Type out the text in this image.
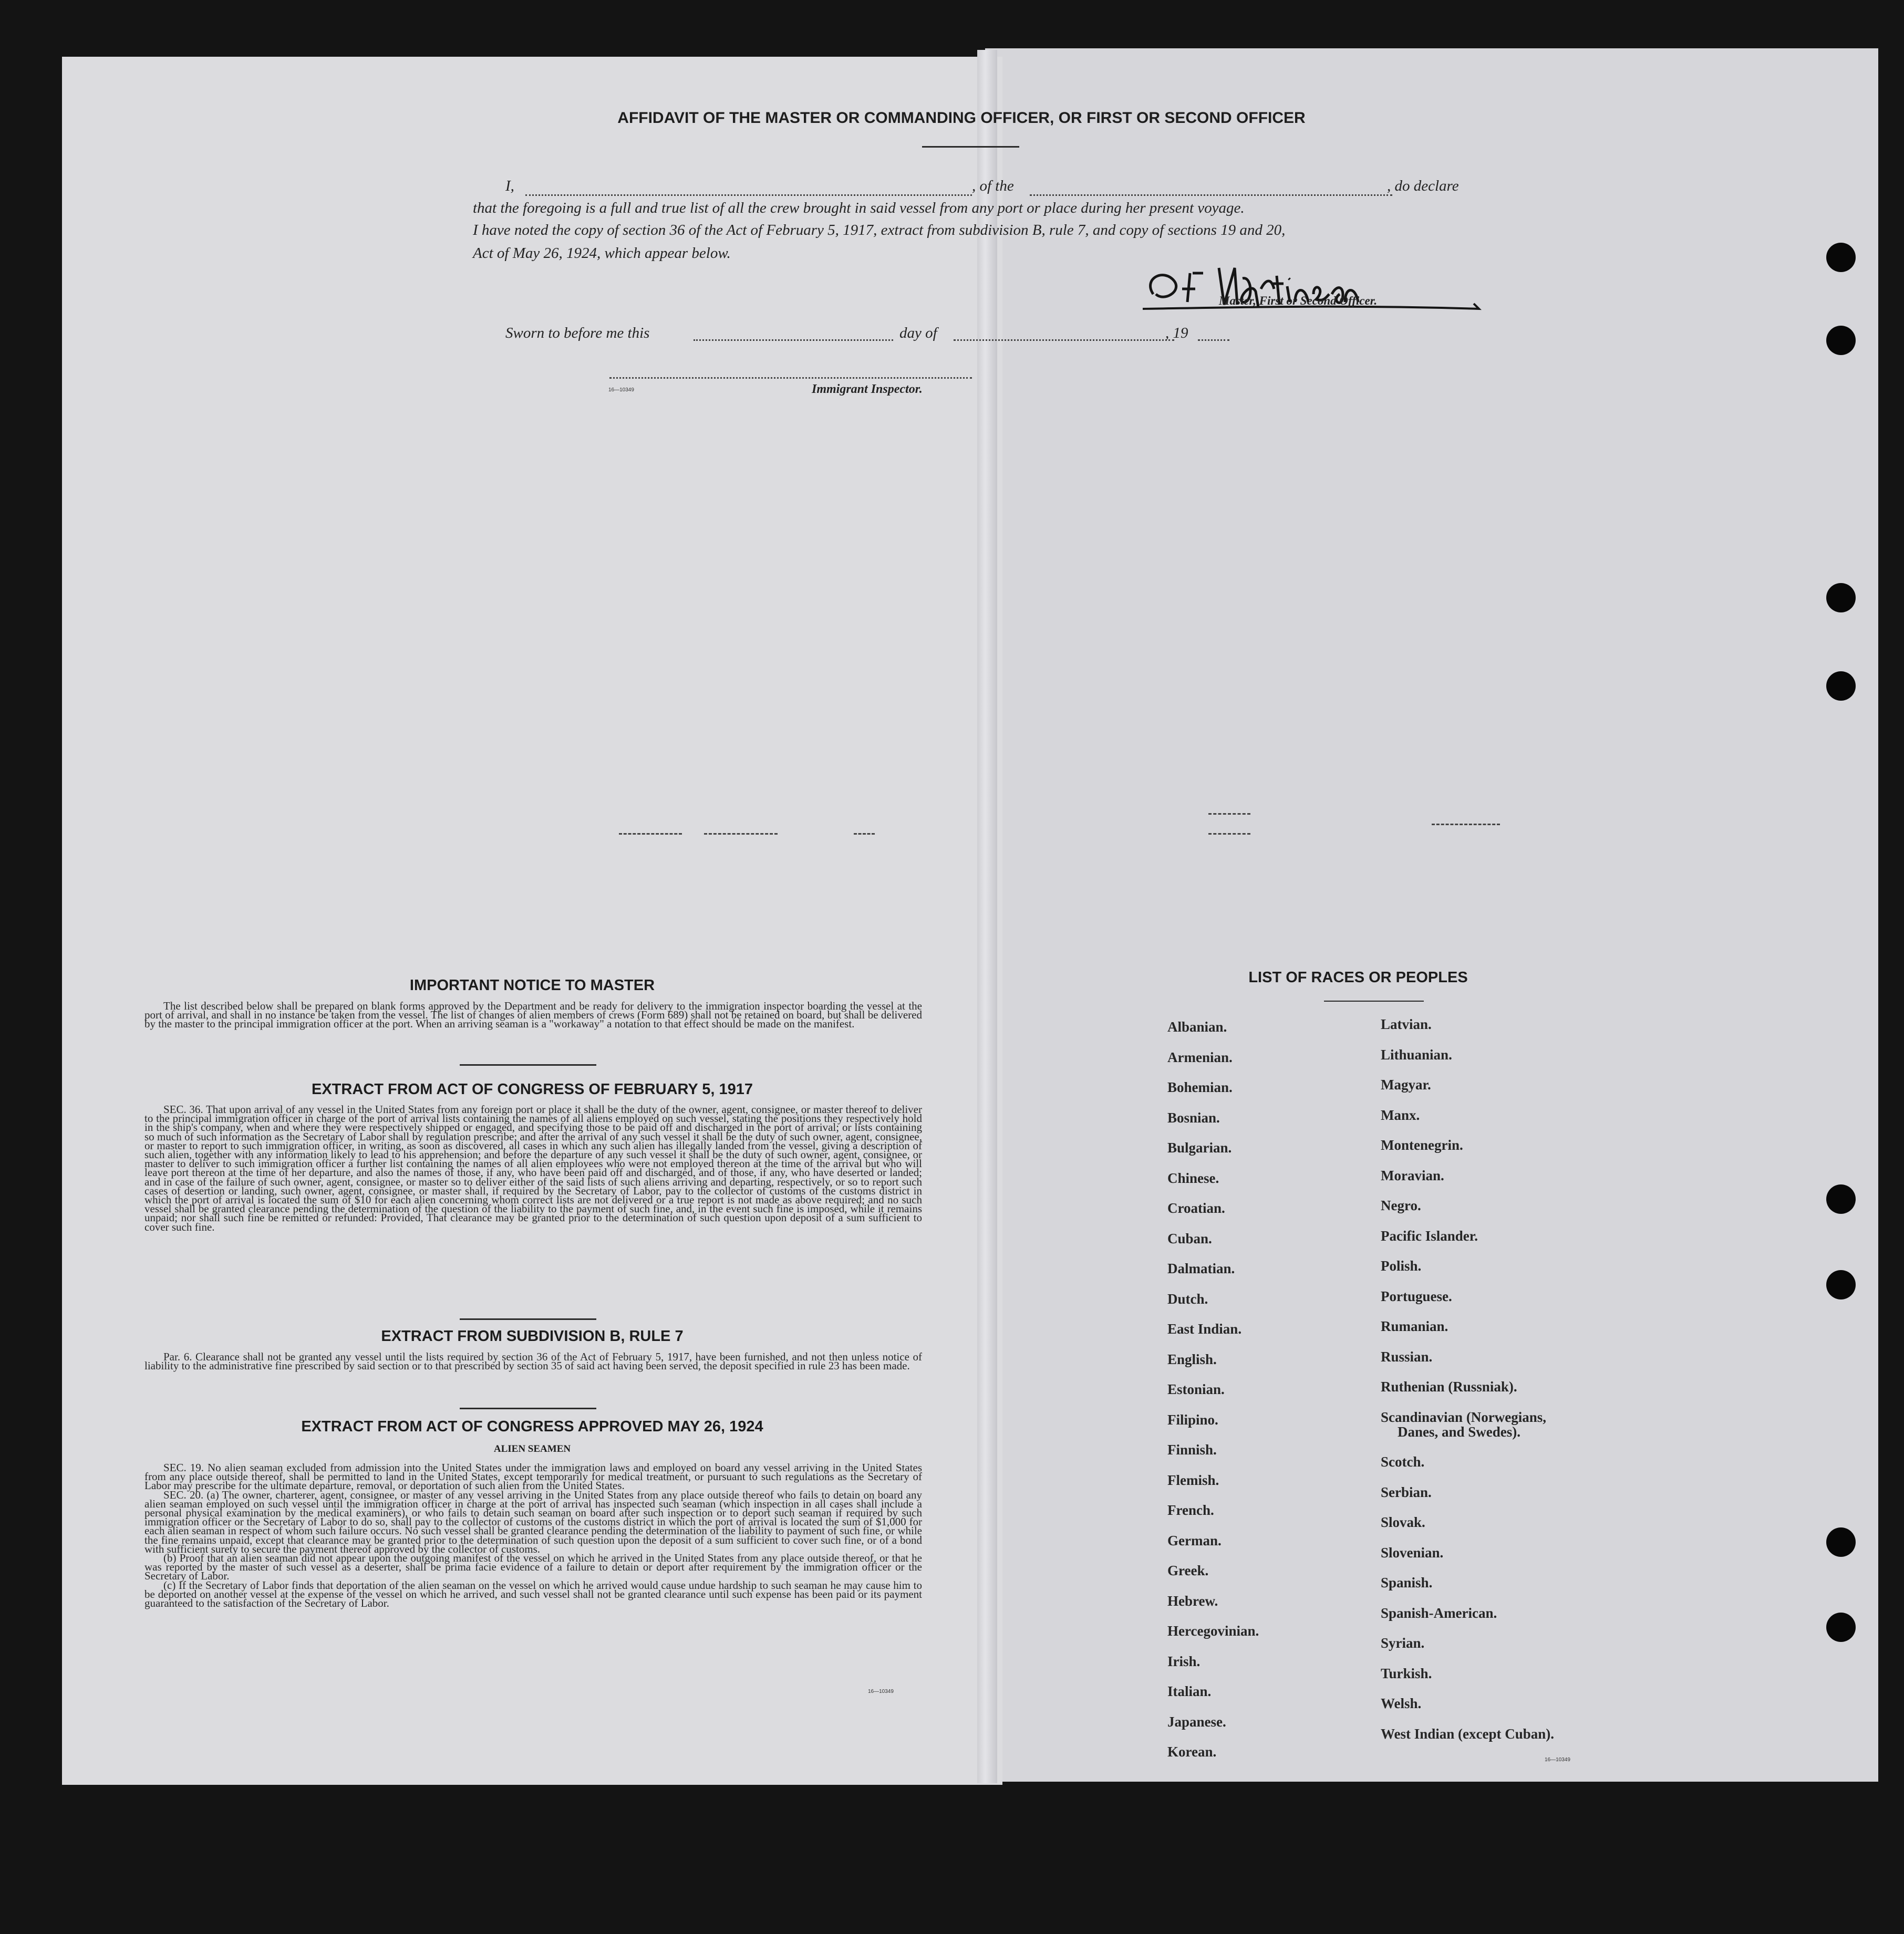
AFFIDAVIT OF THE MASTER OR COMMANDING OFFICER, OR FIRST OR SECOND OFFICER
I,	, of the	, do declare
that the foregoing is a full and true list of all the crew brought in said vessel from any port or place during her present voyage.
I have noted the copy of section 36 of the Act of February 5, 1917, extract from subdivision B, rule 7, and copy of sections 19 and 20,
Act of May 26, 1924, which appear below.
Master, First or Second Officer.
Sworn to before me this	day of	, 19
16—10349	Immigrant Inspector.
IMPORTANT NOTICE TO MASTER

The list described below shall be prepared on blank forms approved by the Department and be ready for delivery to the immigration inspector boarding the vessel at the port of arrival, and shall in no instance be taken from the vessel. The list of changes of alien members of crews (Form 689) shall not be retained on board, but shall be delivered by the master to the principal immigration officer at the port. When an arriving seaman is a "workaway" a notation to that effect should be made on the manifest.

EXTRACT FROM ACT OF CONGRESS OF FEBRUARY 5, 1917

SEC. 36. That upon arrival of any vessel in the United States from any foreign port or place it shall be the duty of the owner, agent, consignee, or master thereof to deliver to the principal immigration officer in charge of the port of arrival lists containing the names of all aliens employed on such vessel, stating the positions they respectively hold in the ship's company, when and where they were respectively shipped or engaged, and specifying those to be paid off and discharged in the port of arrival; or lists containing so much of such information as the Secretary of Labor shall by regulation prescribe; and after the arrival of any such vessel it shall be the duty of such owner, agent, consignee, or master to report to such immigration officer, in writing, as soon as discovered, all cases in which any such alien has illegally landed from the vessel, giving a description of such alien, together with any information likely to lead to his apprehension; and before the departure of any such vessel it shall be the duty of such owner, agent, consignee, or master to deliver to such immigration officer a further list containing the names of all alien employees who were not employed thereon at the time of the arrival but who will leave port thereon at the time of her departure, and also the names of those, if any, who have been paid off and discharged, and of those, if any, who have deserted or landed; and in case of the failure of such owner, agent, consignee, or master so to deliver either of the said lists of such aliens arriving and departing, respectively, or so to report such cases of desertion or landing, such owner, agent, consignee, or master shall, if required by the Secretary of Labor, pay to the collector of customs of the customs district in which the port of arrival is located the sum of $10 for each alien concerning whom correct lists are not delivered or a true report is not made as above required; and no such vessel shall be granted clearance pending the determination of the question of the liability to the payment of such fine, and, in the event such fine is imposed, while it remains unpaid; nor shall such fine be remitted or refunded: Provided, That clearance may be granted prior to the determination of such question upon deposit of a sum sufficient to cover such fine.

EXTRACT FROM SUBDIVISION B, RULE 7

Par. 6. Clearance shall not be granted any vessel until the lists required by section 36 of the Act of February 5, 1917, have been furnished, and not then unless notice of liability to the administrative fine prescribed by said section or to that prescribed by section 35 of said act having been served, the deposit specified in rule 23 has been made.

EXTRACT FROM ACT OF CONGRESS APPROVED MAY 26, 1924
ALIEN SEAMEN

SEC. 19. No alien seaman excluded from admission into the United States under the immigration laws and employed on board any vessel arriving in the United States from any place outside thereof, shall be permitted to land in the United States, except temporarily for medical treatment, or pursuant to such regulations as the Secretary of Labor may prescribe for the ultimate departure, removal, or deportation of such alien from the United States.

SEC. 20. (a) The owner, charterer, agent, consignee, or master of any vessel arriving in the United States from any place outside thereof who fails to detain on board any alien seaman employed on such vessel until the immigration officer in charge at the port of arrival has inspected such seaman (which inspection in all cases shall include a personal physical examination by the medical examiners), or who fails to detain such seaman on board after such inspection or to deport such seaman if required by such immigration officer or the Secretary of Labor to do so, shall pay to the collector of customs of the customs district in which the port of arrival is located the sum of $1,000 for each alien seaman in respect of whom such failure occurs. No such vessel shall be granted clearance pending the determination of the liability to payment of such fine, or while the fine remains unpaid, except that clearance may be granted prior to the determination of such question upon the deposit of a sum sufficient to cover such fine, or of a bond with sufficient surety to secure the payment thereof approved by the collector of customs.

(b) Proof that an alien seaman did not appear upon the outgoing manifest of the vessel on which he arrived in the United States from any place outside thereof, or that he was reported by the master of such vessel as a deserter, shall be prima facie evidence of a failure to detain or deport after requirement by the immigration officer or the Secretary of Labor.

(c) If the Secretary of Labor finds that deportation of the alien seaman on the vessel on which he arrived would cause undue hardship to such seaman he may cause him to be deported on another vessel at the expense of the vessel on which he arrived, and such vessel shall not be granted clearance until such expense has been paid or its payment guaranteed to the satisfaction of the Secretary of Labor.

16—10349
LIST OF RACES OR PEOPLES
Albanian.
Armenian.
Bohemian.
Bosnian.
Bulgarian.
Chinese.
Croatian.
Cuban.
Dalmatian.
Dutch.
East Indian.
English.
Estonian.
Filipino.
Finnish.
Flemish.
French.
German.
Greek.
Hebrew.
Hercegovinian.
Irish.
Italian.
Japanese.
Korean.
Latvian.
Lithuanian.
Magyar.
Manx.
Montenegrin.
Moravian.
Negro.
Pacific Islander.
Polish.
Portuguese.
Rumanian.
Russian.
Ruthenian (Russniak).
Scandinavian (Norwegians,
Danes, and Swedes).
Scotch.
Serbian.
Slovak.
Slovenian.
Spanish.
Spanish-American.
Syrian.
Turkish.
Welsh.
West Indian (except Cuban).
16—10349
